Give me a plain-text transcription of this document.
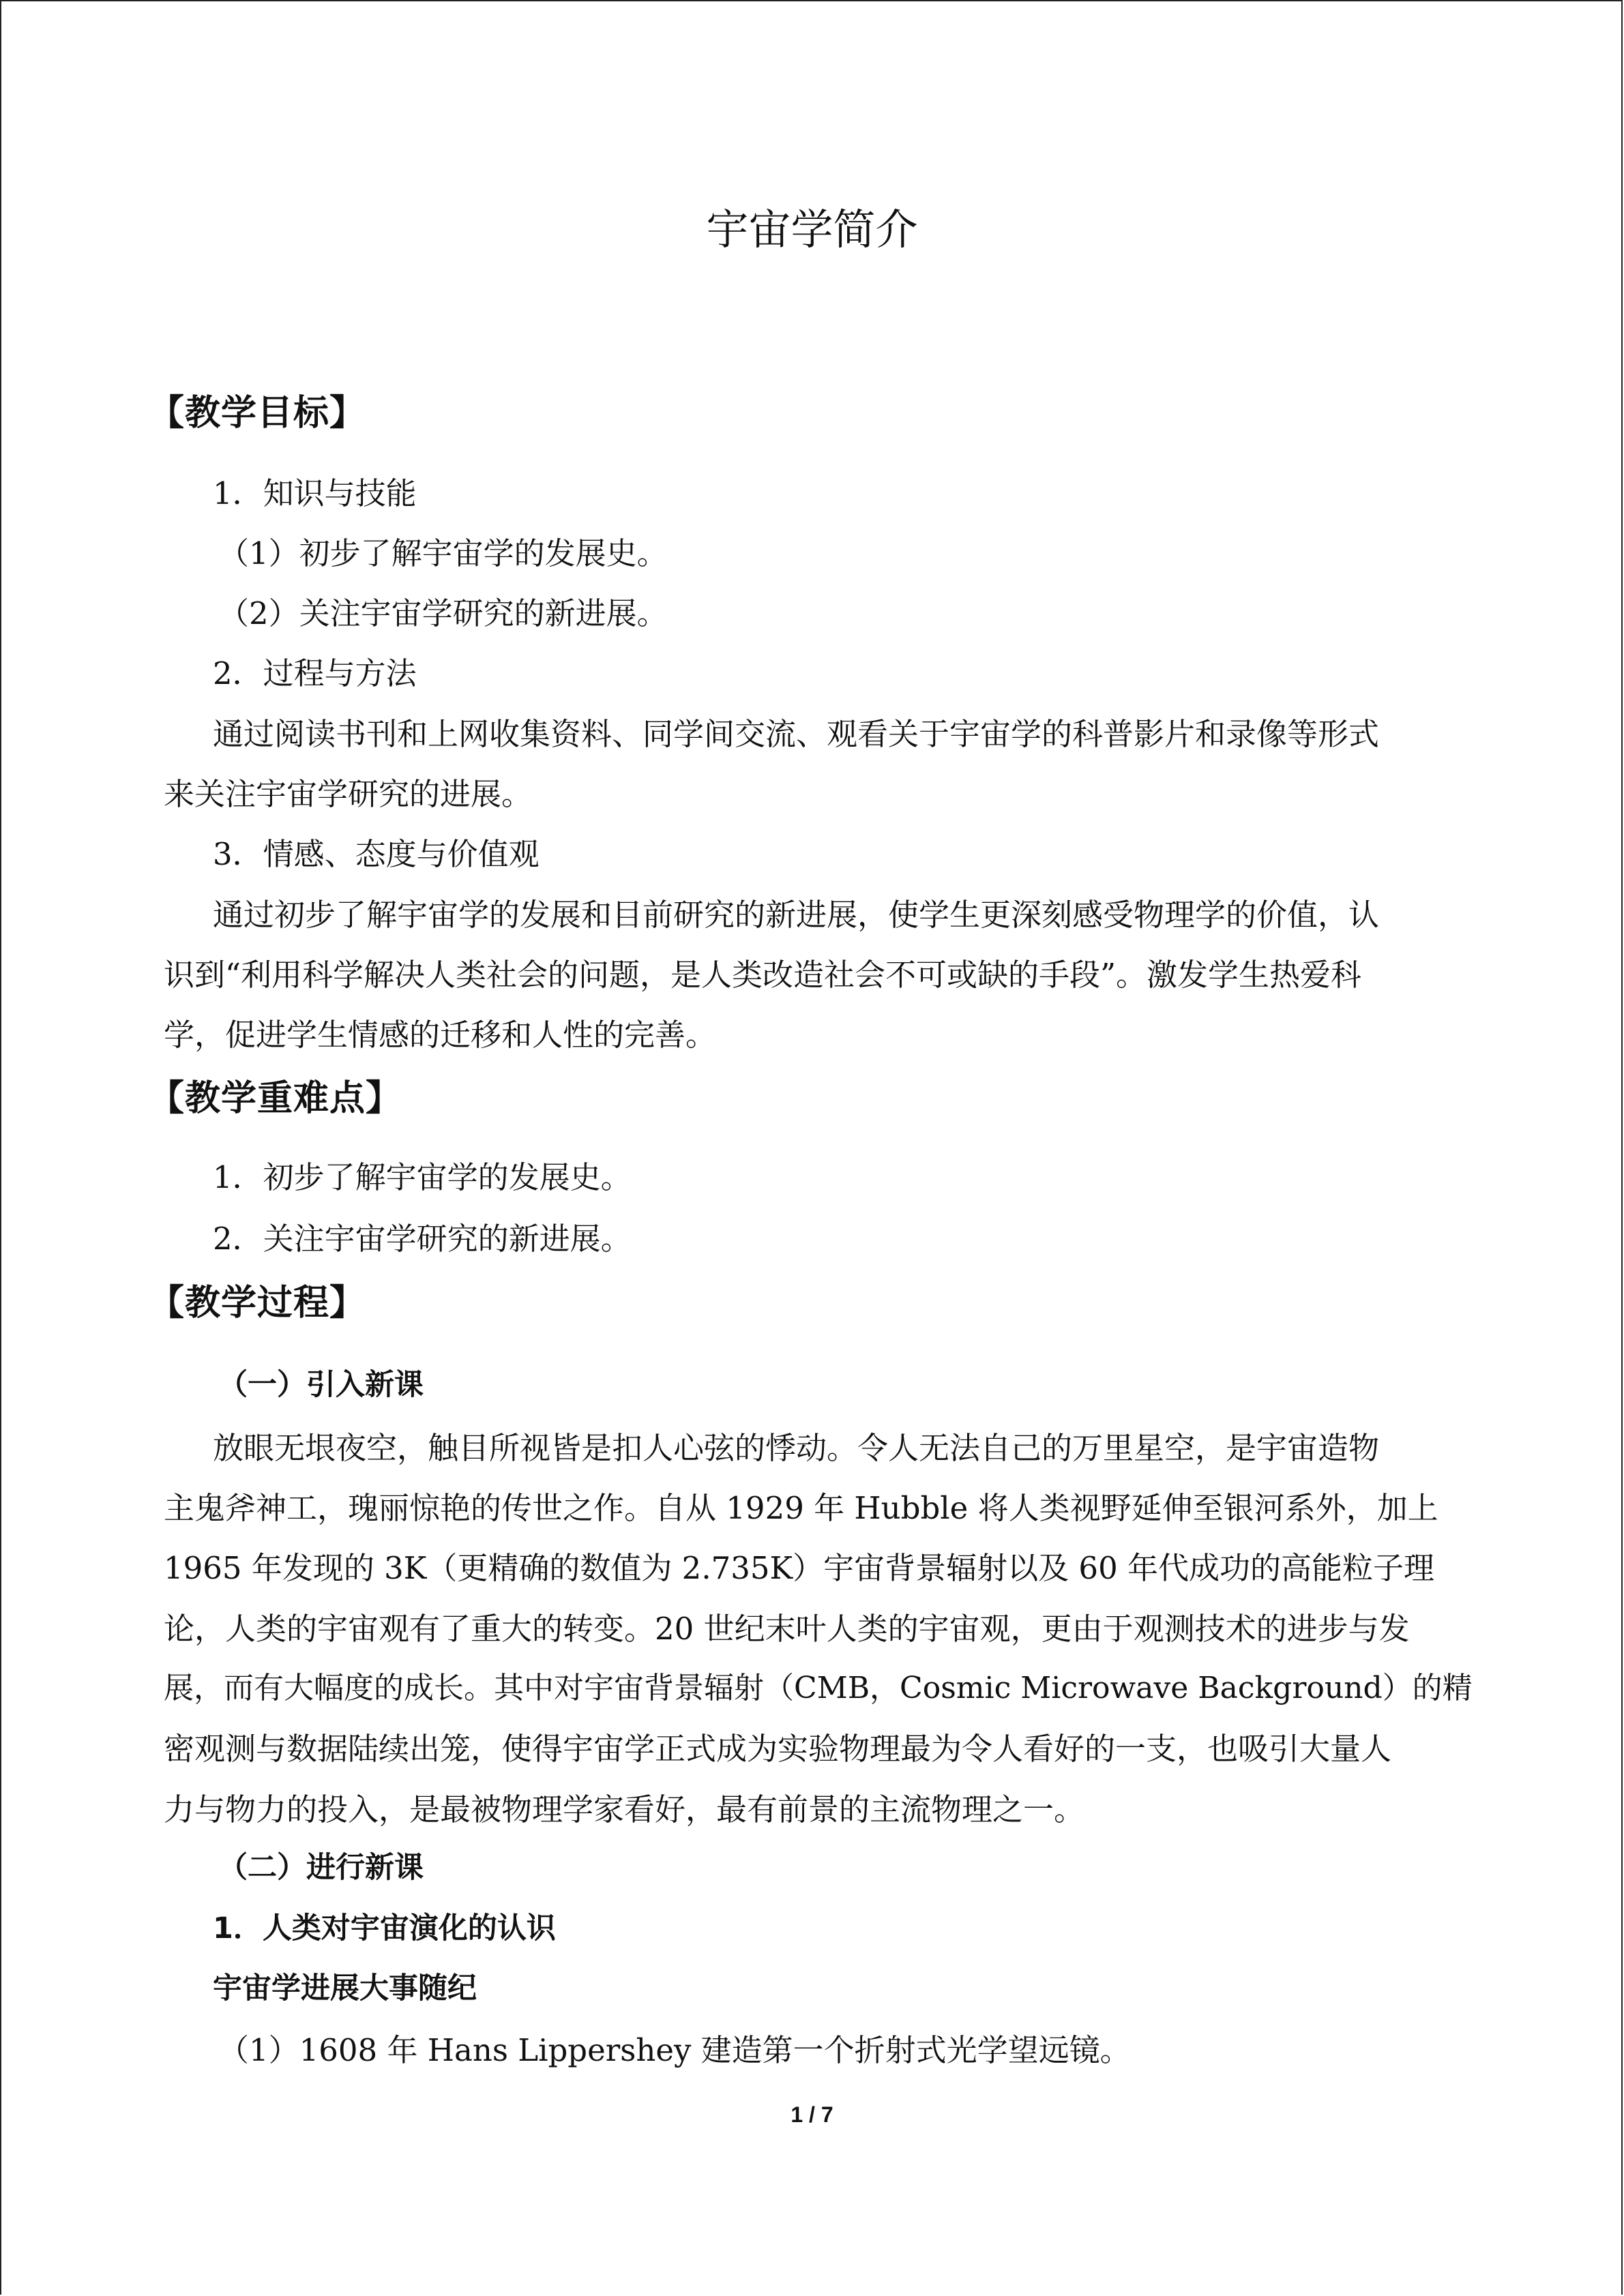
宇宙学简介
【教学目标】
1．知识与技能
（1）初步了解宇宙学的发展史。
（2）关注宇宙学研究的新进展。
2．过程与方法
通过阅读书刊和上网收集资料、同学间交流、观看关于宇宙学的科普影片和录像等形式
来关注宇宙学研究的进展。
3．情感、态度与价值观
通过初步了解宇宙学的发展和目前研究的新进展，使学生更深刻感受物理学的价值，认
识到“利用科学解决人类社会的问题，是人类改造社会不可或缺的手段”。激发学生热爱科
学，促进学生情感的迁移和人性的完善。
【教学重难点】
1．初步了解宇宙学的发展史。
2．关注宇宙学研究的新进展。
【教学过程】
（一）引入新课
放眼无垠夜空，触目所视皆是扣人心弦的悸动。令人无法自己的万里星空，是宇宙造物
主鬼斧神工，瑰丽惊艳的传世之作。自从 1929 年 Hubble 将人类视野延伸至银河系外，加上
1965 年发现的 3K（更精确的数值为 2.735K）宇宙背景辐射以及 60 年代成功的高能粒子理
论，人类的宇宙观有了重大的转变。20 世纪末叶人类的宇宙观，更由于观测技术的进步与发
展，而有大幅度的成长。其中对宇宙背景辐射（CMB，Cosmic Microwave Background）的精
密观测与数据陆续出笼，使得宇宙学正式成为实验物理最为令人看好的一支，也吸引大量人
力与物力的投入，是最被物理学家看好，最有前景的主流物理之一。
（二）进行新课
1．人类对宇宙演化的认识
宇宙学进展大事随纪
（1）1608 年 Hans Lippershey 建造第一个折射式光学望远镜。
1 / 7
